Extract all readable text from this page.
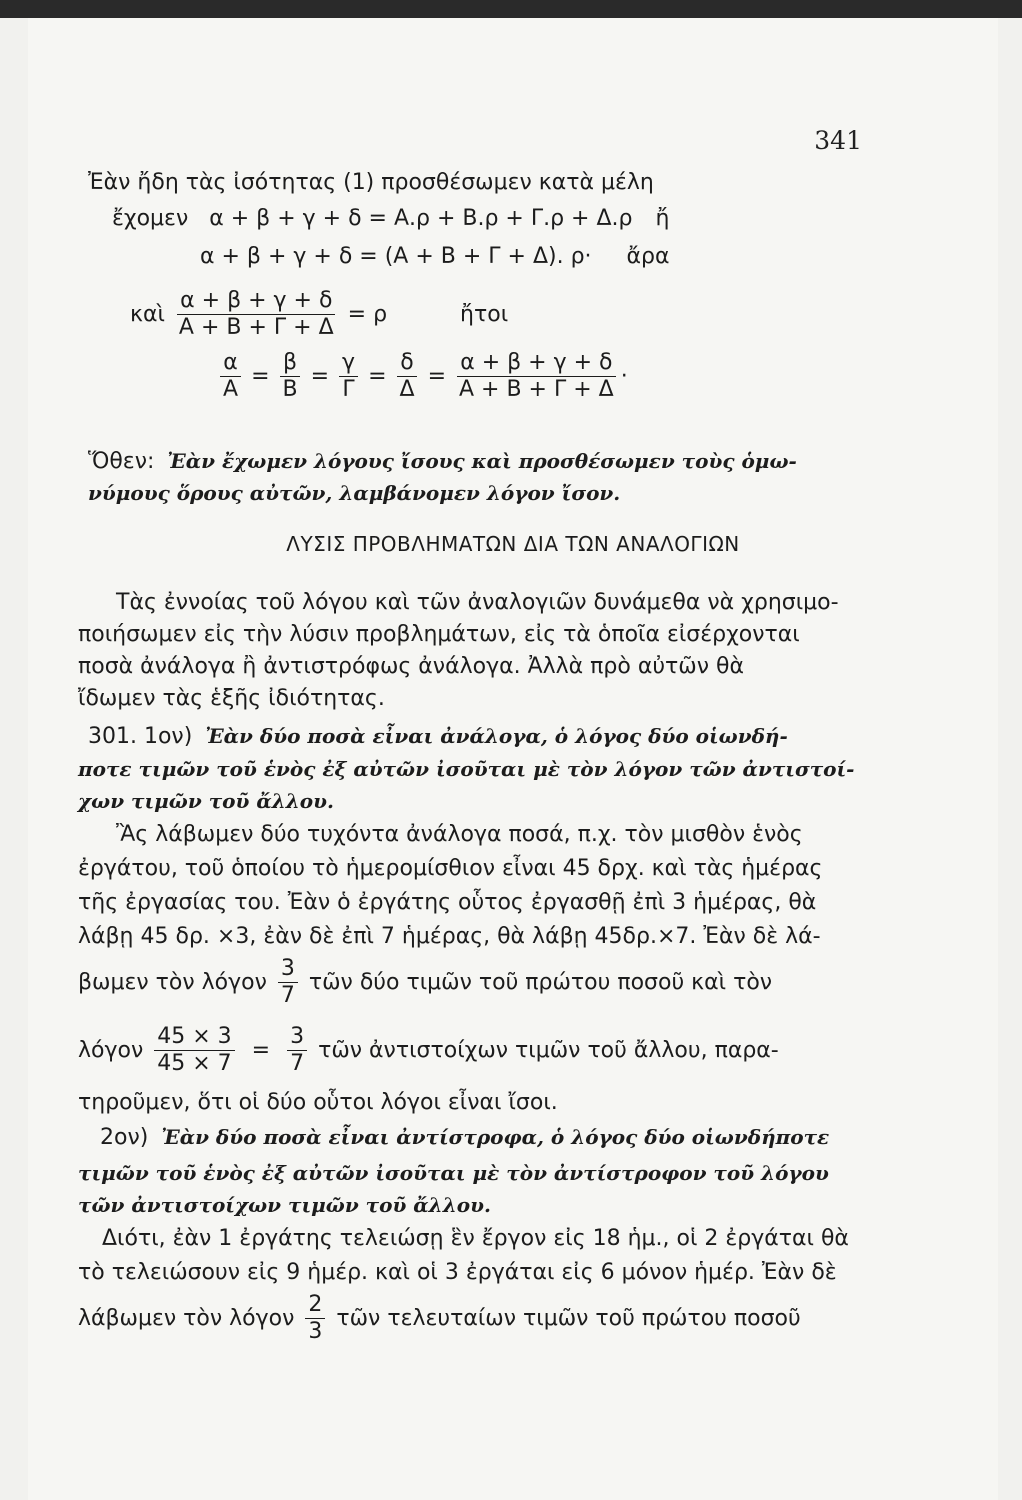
341
Ἐὰν ἤδη τὰς ἰσότητας (1) προσθέσωμεν κατὰ μέλη
ἔχομεν α + β + γ + δ = Α.ρ + Β.ρ + Γ.ρ + Δ.ρ ἤ
α + β + γ + δ = (Α + Β + Γ + Δ). ρ· ἄρα
καὶ $\frac{\alpha + \beta + \gamma + \delta}{A + B + \Gamma + \Delta} = \rho$	ἤτοι
$\frac{\alpha}{A} = \frac{\beta}{B} = \frac{\gamma}{\Gamma} = \frac{\delta}{\Delta} = \frac{\alpha + \beta + \gamma + \delta}{A + B + \Gamma + \Delta}$ ·
Ὅθεν: Ἐὰν ἔχωμεν λόγους ἴσους καὶ προσθέσωμεν τοὺς ὁμω-
νύμους ὅρους αὐτῶν, λαμβάνομεν λόγον ἴσον.
ΛΥΣΙΣ ΠΡΟΒΛΗΜΑΤΩΝ ΔΙΑ ΤΩΝ ΑΝΑΛΟΓΙΩΝ
Τὰς ἐννοίας τοῦ λόγου καὶ τῶν ἀναλογιῶν δυνάμεθα νὰ χρησιμο-
ποιήσωμεν εἰς τὴν λύσιν προβλημάτων, εἰς τὰ ὁποῖα εἰσέρχονται
ποσὰ ἀνάλογα ἢ ἀντιστρόφως ἀνάλογα. Ἀλλὰ πρὸ αὐτῶν θὰ
ἴδωμεν τὰς ἑξῆς ἰδιότητας.
301. 1ον) Ἐὰν δύο ποσὰ εἶναι ἀνάλογα, ὁ λόγος δύο οἱωνδή-
ποτε τιμῶν τοῦ ἑνὸς ἐξ αὐτῶν ἰσοῦται μὲ τὸν λόγον τῶν ἀντιστοί-
χων τιμῶν τοῦ ἄλλου.
Ἂς λάβωμεν δύο τυχόντα ἀνάλογα ποσά, π.χ. τὸν μισθὸν ἑνὸς
ἐργάτου, τοῦ ὁποίου τὸ ἡμερομίσθιον εἶναι 45 δρχ. καὶ τὰς ἡμέρας
τῆς ἐργασίας του. Ἐὰν ὁ ἐργάτης οὗτος ἐργασθῇ ἐπὶ 3 ἡμέρας, θὰ
λάβῃ 45 δρ. ×3, ἐὰν δὲ ἐπὶ 7 ἡμέρας, θὰ λάβῃ 45δρ.×7. Ἐὰν δὲ λά-
βωμεν τὸν λόγον $\frac{3}{7}$ τῶν δύο τιμῶν τοῦ πρώτου ποσοῦ καὶ τὸν
λόγον $\frac{45 \times 3}{45 \times 7} = \frac{3}{7}$ τῶν ἀντιστοίχων τιμῶν τοῦ ἄλλου, παρα-
τηροῦμεν, ὅτι οἱ δύο οὗτοι λόγοι εἶναι ἴσοι.
2ον) Ἐὰν δύο ποσὰ εἶναι ἀντίστροφα, ὁ λόγος δύο οἱωνδήποτε
τιμῶν τοῦ ἑνὸς ἐξ αὐτῶν ἰσοῦται μὲ τὸν ἀντίστροφον τοῦ λόγου
τῶν ἀντιστοίχων τιμῶν τοῦ ἄλλου.
Διότι, ἐὰν 1 ἐργάτης τελειώσῃ ἓν ἔργον εἰς 18 ἡμ., οἱ 2 ἐργάται θὰ
τὸ τελειώσουν εἰς 9 ἡμέρ. καὶ οἱ 3 ἐργάται εἰς 6 μόνον ἡμέρ. Ἐὰν δὲ
λάβωμεν τὸν λόγον $\frac{2}{3}$ τῶν τελευταίων τιμῶν τοῦ πρώτου ποσοῦ
